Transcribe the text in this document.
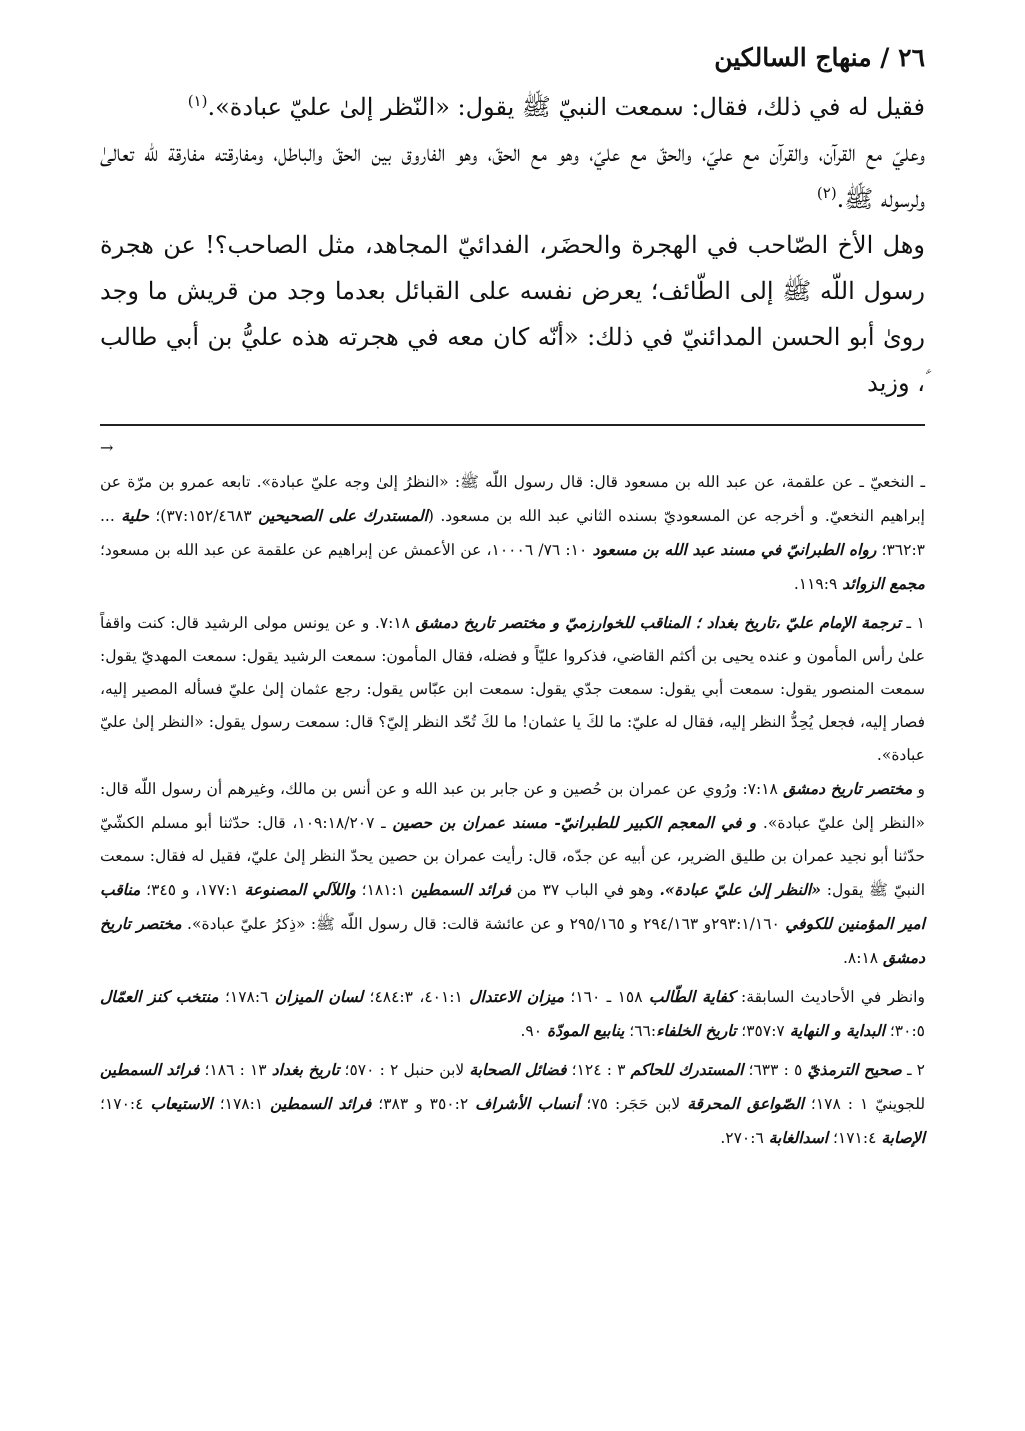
٢٦ / منهاج السالكين

فقيل له في ذلك، فقال: سمعت النبيّ ﷺ يقول: «النّظر إلىٰ عليّ عبادة».$^{(١)}$

وعليّ مع القرآن، والقرآن مع عليّ، والحقّ مع عليّ، وهو مع الحقّ، وهو الفاروق بين الحقّ والباطل، ومفارقته مفارقة للّه تعالىٰ ولرسوله ﷺ.$^{(٢)}$

وهل الأخ الصّاحب في الهجرة والحضَر، الفدائيّ المجاهد، مثل الصاحب؟! عن هجرة رسول اللّه ﷺ إلى الطّائف؛ يعرض نفسه على القبائل بعدما وجد من قريش ما وجد روىٰ أبو الحسن المدائنيّ في ذلك: «أنّه كان معه في هجرته هذه عليُّ بن أبي طالب ؑ، وزيد

→

ـ النخعيّ ـ عن علقمة، عن عبد الله بن مسعود قال: قال رسول اللّه ﷺ: «النظرُ إلىٰ وجه عليّ عبادة». تابعه عمرو بن مرّة عن إبراهيم النخعيّ. و أخرجه عن المسعوديّ بسنده الثاني عبد الله بن مسعود. (المستدرك على الصحيحين ٣٧:١٥٢/٤٦٨٣)؛ حلية ... ٣٦٢:٣؛ رواه الطبرانيّ في مسند عبد الله بن مسعود ١٠: ٧٦/ ١٠٠٠٦، عن الأعمش عن إبراهيم عن علقمة عن عبد الله بن مسعود؛ مجمع الزوائد ١١٩:٩.

١ ـ ترجمة الإمام عليّ ،تاريخ بغداد ؛ المناقب للخوارزميّ و مختصر تاريخ دمشق ٧:١٨. و عن يونس مولى الرشيد قال: كنت واقفاً علىٰ رأس المأمون و عنده يحيى بن أكثم القاضي، فذكروا عليّاً و فضله، فقال المأمون: سمعت الرشيد يقول: سمعت المهديّ يقول: سمعت المنصور يقول: سمعت أبي يقول: سمعت جدّي يقول: سمعت ابن عبّاس يقول: رجع عثمان إلىٰ عليّ فسأله المصير إليه، فصار إليه، فجعل يُحِدُّ النظر إليه، فقال له عليّ: ما لكَ يا عثمان! ما لكَ تُحّد النظر إليّ؟ قال: سمعت رسول يقول: «النظر إلىٰ عليّ عبادة».

و مختصر تاريخ دمشق ٧:١٨: ورُوي عن عمران بن حُصين و عن جابر بن عبد الله و عن أنس بن مالك، وغيرهم أن رسول اللّه قال: «النظر إلىٰ عليّ عبادة». و في المعجم الكبير للطبرانيّ- مسند عمران بن حصين ـ ١٠٩:١٨/٢٠٧، قال: حدّثنا أبو مسلم الكشّيّ حدّثنا أبو نجيد عمران بن طليق الضرير، عن أبيه عن جدّه، قال: رأيت عمران بن حصين يحدّ النظر إلىٰ عليّ، فقيل له فقال: سمعت النبيّ ﷺ يقول: «النظر إلىٰ عليّ عبادة». وهو في الباب ٣٧ من فرائد السمطين ١٨١:١؛ واللآلي المصنوعة ١٧٧:١، و ٣٤٥؛ مناقب امير المؤمنين للكوفي ٢٩٣:١/١٦٠و ٢٩٤/١٦٣ و ٢٩٥/١٦٥ و عن عائشة قالت: قال رسول اللّه ﷺ: «ذِكرُ عليّ عبادة». مختصر تاريخ دمشق ٨:١٨.

وانظر في الأحاديث السابقة: كفاية الطّالب ١٥٨ ـ ١٦٠؛ ميزان الاعتدال ٤٠١:١، ٤٨٤:٣؛ لسان الميزان ١٧٨:٦؛ منتخب كنز العمّال ٣٠:٥؛ البداية و النهاية ٣٥٧:٧؛ تاريخ الخلفاء:٦٦؛ ينابيع المودّة ٩٠.

٢ ـ صحيح الترمذيّ ٥ : ٦٣٣؛ المستدرك للحاكم ٣ : ١٢٤؛ فضائل الصحابة لابن حنبل ٢ : ٥٧٠؛ تاريخ بغداد ١٣ : ١٨٦؛ فرائد السمطين للجوينيّ ١ : ١٧٨؛ الصّواعق المحرقة لابن حَجَر: ٧٥؛ أنساب الأشراف ٣٥٠:٢ و ٣٨٣؛ فرائد السمطين ١٧٨:١؛ الاستيعاب ١٧٠:٤؛ الإصابة ١٧١:٤؛ اسدالغابة ٢٧٠:٦.
